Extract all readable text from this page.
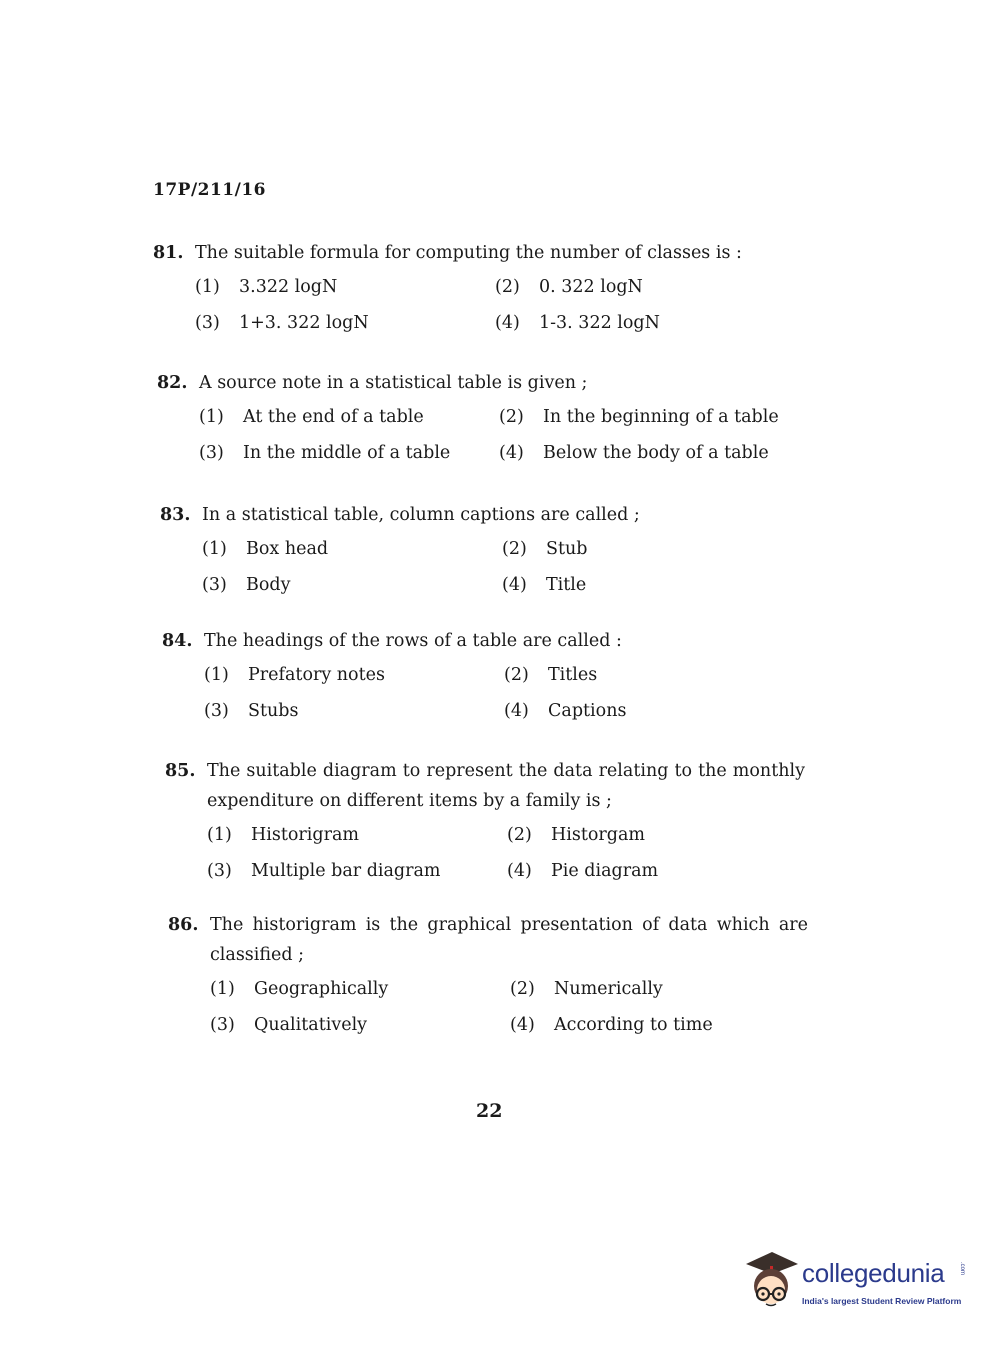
17P/211/16
81. The suitable formula for computing the number of classes is :
(1)	3.322 logN	(2)	0. 322 logN
(3)	1+3. 322 logN	(4)	1-3. 322 logN
82. A source note in a statistical table is given ;
(1)	At the end of a table	(2)	In the beginning of a table
(3)	In the middle of a table	(4)	Below the body of a table
83. In a statistical table, column captions are called ;
(1)	Box head	(2)	Stub
(3)	Body	(4)	Title
84. The headings of the rows of a table are called :
(1)	Prefatory notes	(2)	Titles
(3)	Stubs	(4)	Captions
85. The suitable diagram to represent the data relating to the monthly expenditure on different items by a family is ;
(1)	Historigram	(2)	Historgam
(3)	Multiple bar diagram	(4)	Pie diagram
86. The historigram is the graphical presentation of data which are classified ;
(1)	Geographically	(2)	Numerically
(3)	Qualitatively	(4)	According to time
22
collegedunia .com
India's largest Student Review Platform
